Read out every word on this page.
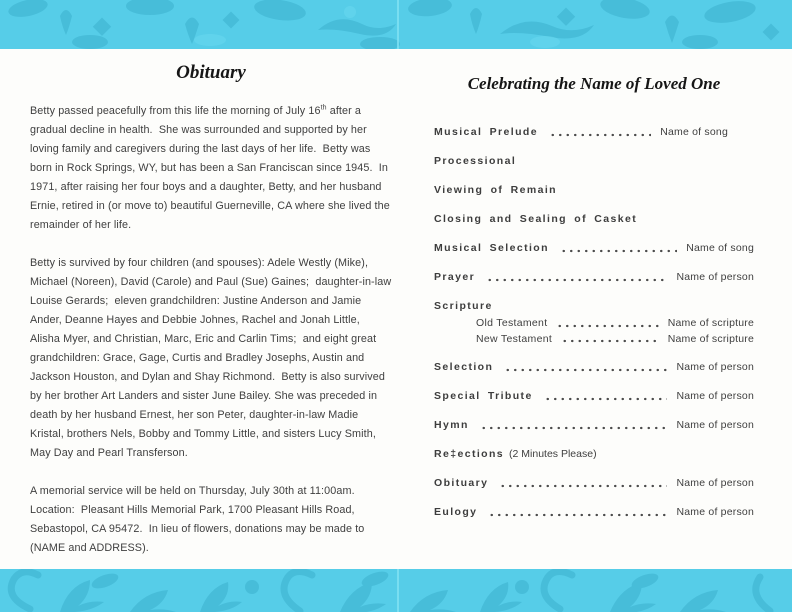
Obituary

Betty passed peacefully from this life the morning of July 16th after a gradual decline in health.  She was surrounded and supported by her loving family and caregivers during the last days of her life.  Betty was born in Rock Springs, WY, but has been a San Franciscan since 1945.  In 1971, after raising her four boys and a daughter, Betty, and her husband Ernie, retired in (or move to) beautiful Guerneville, CA where she lived the remainder of her life.

Betty is survived by four children (and spouses): Adele Westly (Mike), Michael (Noreen), David (Carole) and Paul (Sue) Gaines;  daughter-in-law Louise Gerards;  eleven grandchildren: Justine Anderson and Jamie Ander, Deanne Hayes and Debbie Johnes, Rachel and Jonah Little, Alisha Myer, and Christian, Marc, Eric and Carlin Tims;  and eight great grandchildren: Grace, Gage, Curtis and Bradley Josephs, Austin and Jackson Houston, and Dylan and Shay Richmond.  Betty is also survived by her brother Art Landers and sister June Bailey. She was preceded in death by her husband Ernest, her son Peter, daughter-in-law Madie Kristal, brothers Nels, Bobby and Tommy Little, and sisters Lucy Smith, May Day and Pearl Transferson.

A memorial service will be held on Thursday, July 30th at 11:00am. Location:  Pleasant Hills Memorial Park, 1700 Pleasant Hills Road, Sebastopol, CA 95472.  In lieu of flowers, donations may be made to (NAME and ADDRESS).

Celebrating the Name of Loved One
Musical Prelude	Name of song
Processional
Viewing of Remain
Closing and Sealing of Casket
Musical Selection	Name of song
Prayer	Name of person
Scripture
Old Testament	Name of scripture
New Testament	Name of scripture
Selection	Name of person
Special Tribute	Name of person
Hymn	Name of person
Re‡ections (2 Minutes Please)
Obituary	Name of person
Eulogy	Name of person
